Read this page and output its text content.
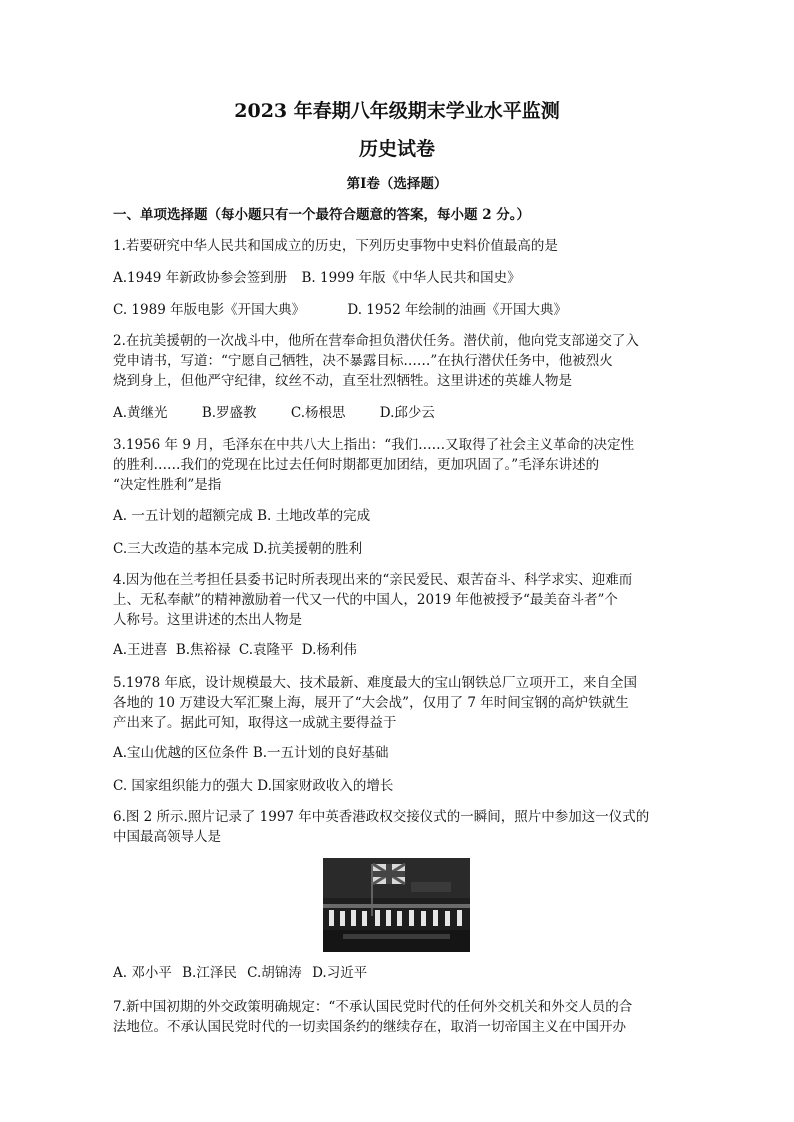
2023 年春期八年级期末学业水平监测
历史试卷
第Ⅰ卷（选择题）
一、单项选择题（每小题只有一个最符合题意的答案，每小题 2 分。）
1.若要研究中华人民共和国成立的历史，下列历史事物中史料价值最高的是
A.1949 年新政协参会签到册 B. 1999 年版《中华人民共和国史》
C. 1989 年版电影《开国大典》	D. 1952 年绘制的油画《开国大典》
2.在抗美援朝的一次战斗中，他所在营奉命担负潜伏任务。潜伏前，他向党支部递交了入
党申请书，写道：“宁愿自己牺牲，决不暴露目标……”在执行潜伏任务中，他被烈火
烧到身上，但他严守纪律，纹丝不动，直至壮烈牺牲。这里讲述的英雄人物是
A.黄继光	B.罗盛教	C.杨根思	D.邱少云
3.1956 年 9 月，毛泽东在中共八大上指出：“我们……又取得了社会主义革命的决定性
的胜利……我们的党现在比过去任何时期都更加团结，更加巩固了。”毛泽东讲述的
“决定性胜利”是指
A. 一五计划的超额完成 B. 土地改革的完成
C.三大改造的基本完成 D.抗美援朝的胜利
4.因为他在兰考担任县委书记时所表现出来的“亲民爱民、艰苦奋斗、科学求实、迎难而
上、无私奉献”的精神激励着一代又一代的中国人，2019 年他被授予“最美奋斗者”个
人称号。这里讲述的杰出人物是
A.王进喜 B.焦裕禄 C.袁隆平 D.杨利伟
5.1978 年底，设计规模最大、技术最新、难度最大的宝山钢铁总厂立项开工，来自全国
各地的 10 万建设大军汇聚上海，展开了“大会战”，仅用了 7 年时间宝钢的高炉铁就生
产出来了。据此可知，取得这一成就主要得益于
A.宝山优越的区位条件 B.一五计划的良好基础
C. 国家组织能力的强大 D.国家财政收入的增长
6.图 2 所示.照片记录了 1997 年中英香港政权交接仪式的一瞬间，照片中参加这一仪式的
中国最高领导人是
A. 邓小平 B.江泽民 C.胡锦涛 D.习近平
7.新中国初期的外交政策明确规定：“不承认国民党时代的任何外交机关和外交人员的合
法地位。不承认国民党时代的一切卖国条约的继续存在，取消一切帝国主义在中国开办
